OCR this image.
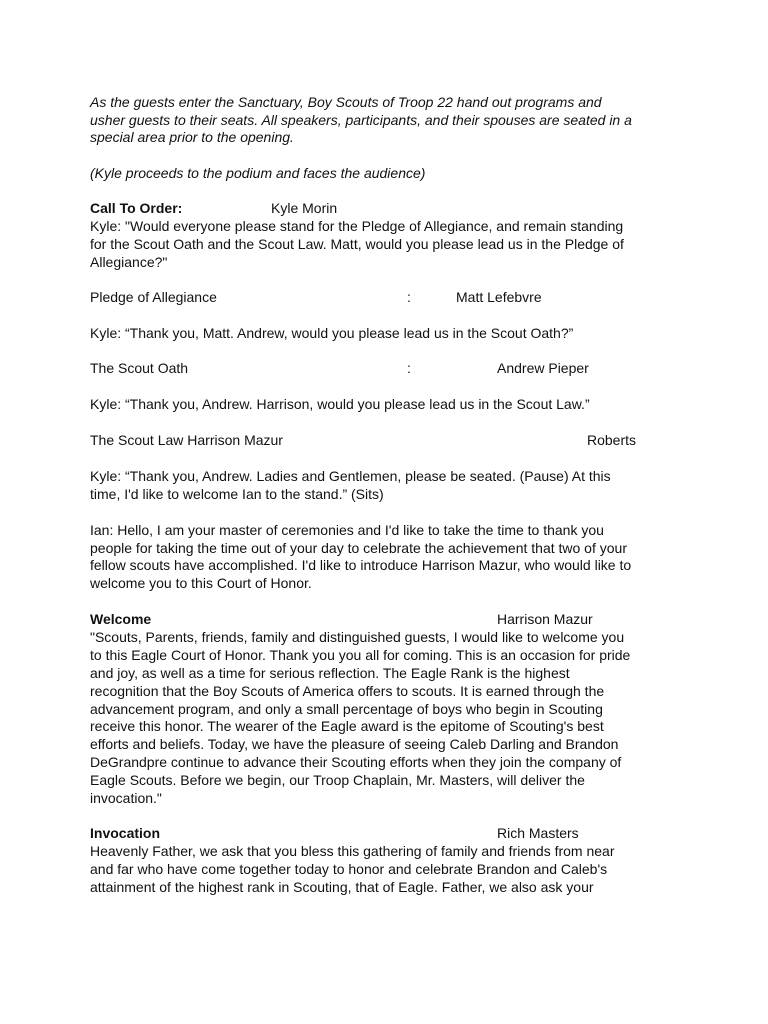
As the guests enter the Sanctuary, Boy Scouts of Troop 22 hand out programs and
usher guests to their seats. All speakers, participants, and their spouses are seated in a
special area prior to the opening.
(Kyle proceeds to the podium and faces the audience)
Call To Order:	Kyle Morin
Kyle: "Would everyone please stand for the Pledge of Allegiance, and remain standing
for the Scout Oath and the Scout Law. Matt, would you please lead us in the Pledge of
Allegiance?"
Pledge of Allegiance	:	Matt Lefebvre
Kyle: “Thank you, Matt. Andrew, would you please lead us in the Scout Oath?”
The Scout Oath	:	Andrew Pieper
Kyle: “Thank you, Andrew. Harrison, would you please lead us in the Scout Law.”
The Scout Law Harrison Mazur	Roberts
Kyle: “Thank you, Andrew. Ladies and Gentlemen, please be seated. (Pause) At this
time, I'd like to welcome Ian to the stand.” (Sits)
Ian: Hello, I am your master of ceremonies and I'd like to take the time to thank you
people for taking the time out of your day to celebrate the achievement that two of your
fellow scouts have accomplished. I'd like to introduce Harrison Mazur, who would like to
welcome you to this Court of Honor.
Welcome	Harrison Mazur
"Scouts, Parents, friends, family and distinguished guests, I would like to welcome you
to this Eagle Court of Honor. Thank you you all for coming. This is an occasion for pride
and joy, as well as a time for serious reflection. The Eagle Rank is the highest
recognition that the Boy Scouts of America offers to scouts. It is earned through the
advancement program, and only a small percentage of boys who begin in Scouting
receive this honor. The wearer of the Eagle award is the epitome of Scouting's best
efforts and beliefs. Today, we have the pleasure of seeing Caleb Darling and Brandon
DeGrandpre continue to advance their Scouting efforts when they join the company of
Eagle Scouts. Before we begin, our Troop Chaplain, Mr. Masters, will deliver the
invocation."
Invocation	Rich Masters
Heavenly Father, we ask that you bless this gathering of family and friends from near
and far who have come together today to honor and celebrate Brandon and Caleb's
attainment of the highest rank in Scouting, that of Eagle. Father, we also ask your
